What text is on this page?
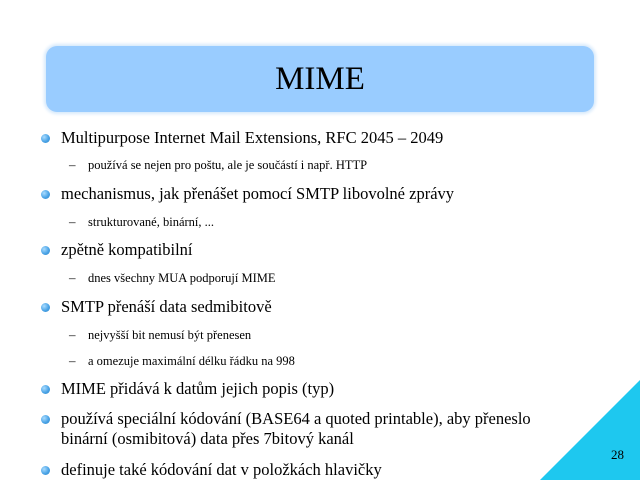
MIME
Multipurpose Internet Mail Extensions, RFC 2045 – 2049
– používá se nejen pro poštu, ale je součástí i např. HTTP
mechanismus, jak přenášet pomocí SMTP libovolné zprávy
– strukturované, binární, ...
zpětně kompatibilní
– dnes všechny MUA podporují MIME
SMTP přenáší data sedmibitově
– nejvyšší bit nemusí být přenesen
– a omezuje maximální délku řádku na 998
MIME přidává k datům jejich popis (typ)
používá speciální kódování (BASE64 a quoted printable), aby přeneslo binární (osmibitová) data přes 7bitový kanál
definuje také kódování dat v položkách hlavičky
28
